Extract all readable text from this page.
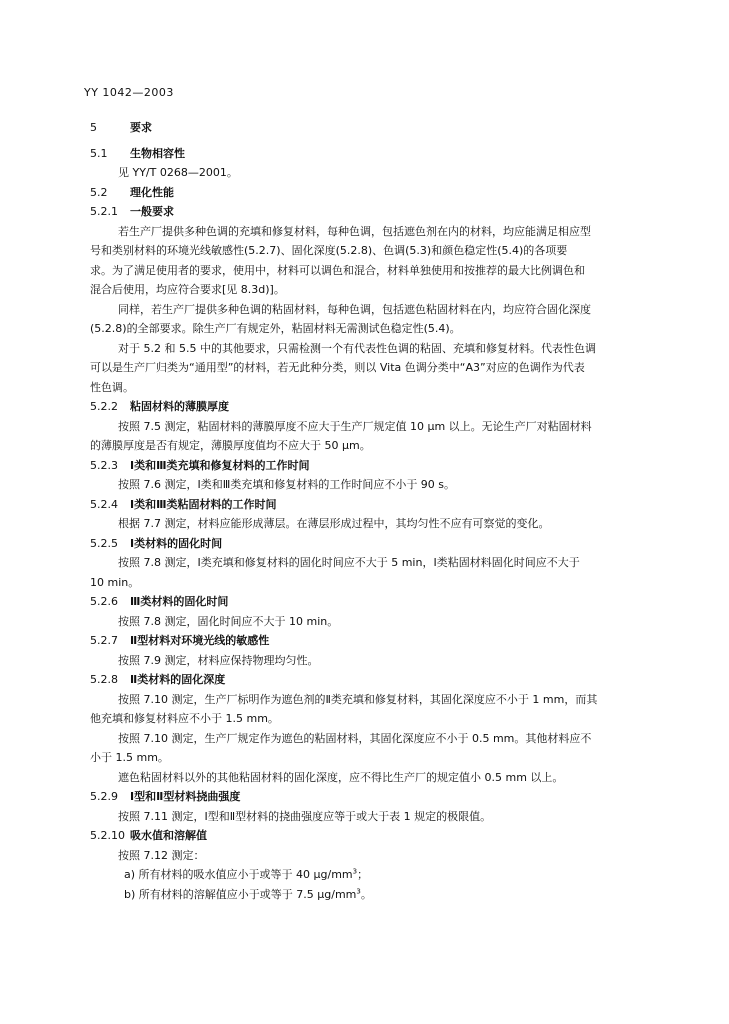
YY 1042—2003
5	要求
5.1 生物相容性
见 YY/T 0268—2001。
5.2 理化性能
5.2.1 一般要求
若生产厂提供多种色调的充填和修复材料，每种色调，包括遮色剂在内的材料，均应能满足相应型
号和类别材料的环境光线敏感性(5.2.7)、固化深度(5.2.8)、色调(5.3)和颜色稳定性(5.4)的各项要
求。为了满足使用者的要求，使用中，材料可以调色和混合，材料单独使用和按推荐的最大比例调色和
混合后使用，均应符合要求[见 8.3d)]。
同样，若生产厂提供多种色调的粘固材料，每种色调，包括遮色粘固材料在内，均应符合固化深度
(5.2.8)的全部要求。除生产厂有规定外，粘固材料无需测试色稳定性(5.4)。
对于 5.2 和 5.5 中的其他要求，只需检测一个有代表性色调的粘固、充填和修复材料。代表性色调
可以是生产厂归类为“通用型”的材料，若无此种分类，则以 Vita 色调分类中“A3”对应的色调作为代表
性色调。
5.2.2 粘固材料的薄膜厚度
按照 7.5 测定，粘固材料的薄膜厚度不应大于生产厂规定值 10 μm 以上。无论生产厂对粘固材料
的薄膜厚度是否有规定，薄膜厚度值均不应大于 50 μm。
5.2.3 Ⅰ类和Ⅲ类充填和修复材料的工作时间
按照 7.6 测定，Ⅰ类和Ⅲ类充填和修复材料的工作时间应不小于 90 s。
5.2.4 Ⅰ类和Ⅲ类粘固材料的工作时间
根据 7.7 测定，材料应能形成薄层。在薄层形成过程中，其均匀性不应有可察觉的变化。
5.2.5 Ⅰ类材料的固化时间
按照 7.8 测定，Ⅰ类充填和修复材料的固化时间应不大于 5 min，Ⅰ类粘固材料固化时间应不大于
10 min。
5.2.6 Ⅲ类材料的固化时间
按照 7.8 测定，固化时间应不大于 10 min。
5.2.7 Ⅱ型材料对环境光线的敏感性
按照 7.9 测定，材料应保持物理均匀性。
5.2.8 Ⅱ类材料的固化深度
按照 7.10 测定，生产厂标明作为遮色剂的Ⅱ类充填和修复材料，其固化深度应不小于 1 mm，而其
他充填和修复材料应不小于 1.5 mm。
按照 7.10 测定，生产厂规定作为遮色的粘固材料，其固化深度应不小于 0.5 mm。其他材料应不
小于 1.5 mm。
遮色粘固材料以外的其他粘固材料的固化深度，应不得比生产厂的规定值小 0.5 mm 以上。
5.2.9 Ⅰ型和Ⅱ型材料挠曲强度
按照 7.11 测定，Ⅰ型和Ⅱ型材料的挠曲强度应等于或大于表 1 规定的极限值。
5.2.10 吸水值和溶解值
按照 7.12 测定：
a) 所有材料的吸水值应小于或等于 40 $\mu g/mm^3$；
b) 所有材料的溶解值应小于或等于 7.5 $\mu g/mm^3$。
